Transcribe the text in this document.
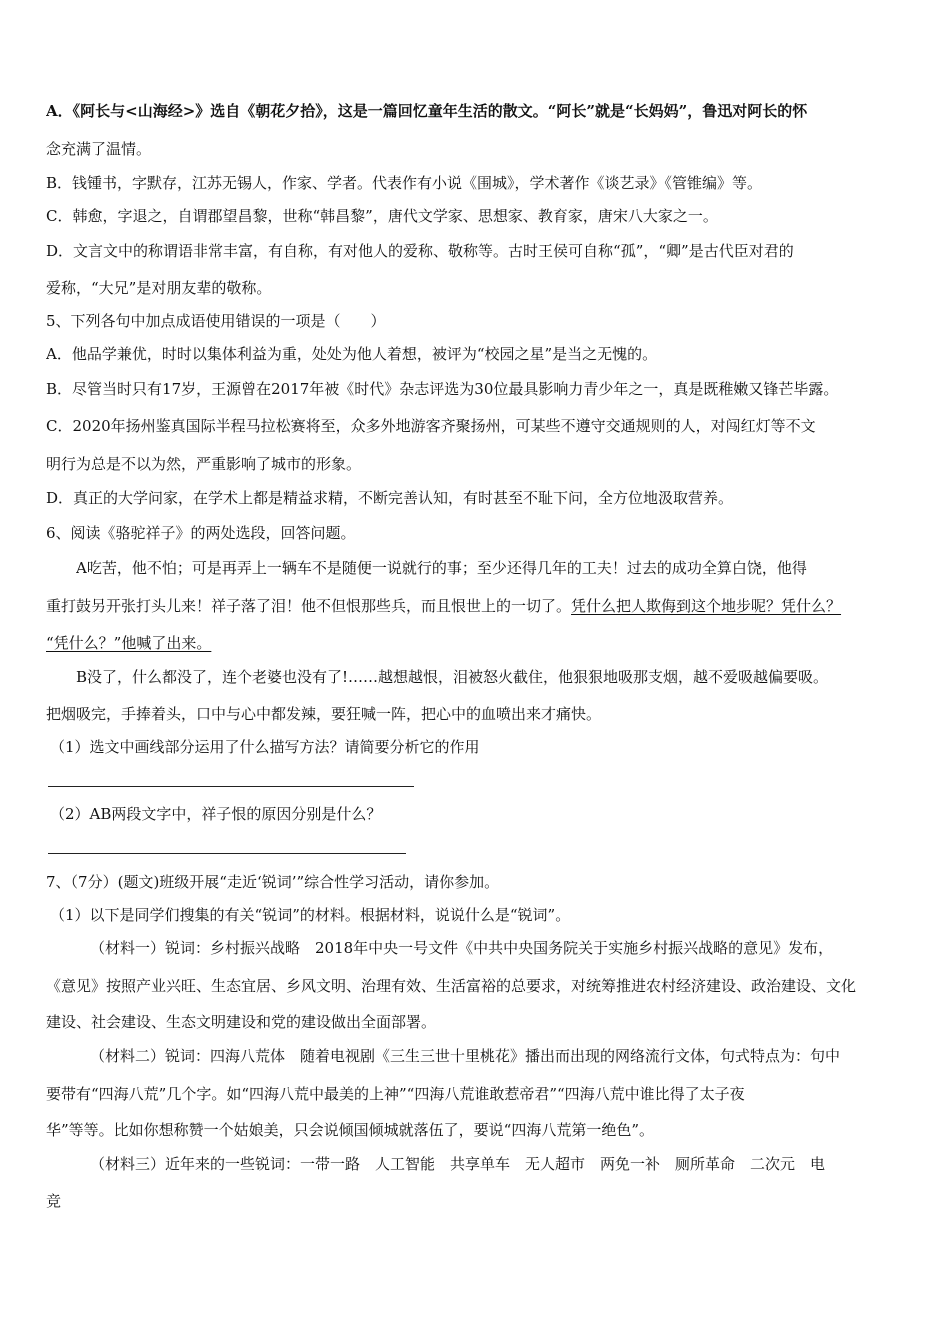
A．《阿长与<山海经>》选自《朝花夕拾》，这是一篇回忆童年生活的散文。“阿长”就是“长妈妈”，鲁迅对阿长的怀
念充满了温情。
B．钱锺书，字默存，江苏无锡人，作家、学者。代表作有小说《围城》，学术著作《谈艺录》《管锥编》等。
C．韩愈，字退之，自谓郡望昌黎，世称“韩昌黎”，唐代文学家、思想家、教育家，唐宋八大家之一。
D．文言文中的称谓语非常丰富，有自称，有对他人的爱称、敬称等。古时王侯可自称“孤”，“卿”是古代臣对君的
爱称，“大兄”是对朋友辈的敬称。
5、下列各句中加点成语使用错误的一项是（　　）
A．他品学兼优，时时以集体利益为重，处处为他人着想，被评为“校园之星”是当之无愧的。
B．尽管当时只有17岁，王源曾在2017年被《时代》杂志评选为30位最具影响力青少年之一，真是既稚嫩又锋芒毕露。
C．2020年扬州鉴真国际半程马拉松赛将至，众多外地游客齐聚扬州，可某些不遵守交通规则的人，对闯红灯等不文
明行为总是不以为然，严重影响了城市的形象。
D．真正的大学问家，在学术上都是精益求精，不断完善认知，有时甚至不耻下问，全方位地汲取营养。
6、阅读《骆驼祥子》的两处选段，回答问题。
A吃苦，他不怕；可是再弄上一辆车不是随便一说就行的事；至少还得几年的工夫！过去的成功全算白饶，他得
重打鼓另开张打头儿来！祥子落了泪！他不但恨那些兵，而且恨世上的一切了。凭什么把人欺侮到这个地步呢？凭什么？
“凭什么？”他喊了出来。
B没了，什么都没了，连个老婆也没有了!……越想越恨，泪被怒火截住，他狠狠地吸那支烟，越不爱吸越偏要吸。
把烟吸完，手捧着头，口中与心中都发辣，要狂喊一阵，把心中的血喷出来才痛快。
（1）选文中画线部分运用了什么描写方法？请简要分析它的作用
（2）AB两段文字中，祥子恨的原因分别是什么？
7、（7分）(题文)班级开展“走近‘锐词’”综合性学习活动，请你参加。
（1）以下是同学们搜集的有关“锐词”的材料。根据材料，说说什么是“锐词”。
（材料一）锐词：乡村振兴战略　2018年中央一号文件《中共中央国务院关于实施乡村振兴战略的意见》发布，
《意见》按照产业兴旺、生态宜居、乡风文明、治理有效、生活富裕的总要求，对统筹推进农村经济建设、政治建设、文化
建设、社会建设、生态文明建设和党的建设做出全面部署。
（材料二）锐词：四海八荒体　随着电视剧《三生三世十里桃花》播出而出现的网络流行文体，句式特点为：句中
要带有“四海八荒”几个字。如“四海八荒中最美的上神”“四海八荒谁敢惹帝君”“四海八荒中谁比得了太子夜
华”等等。比如你想称赞一个姑娘美，只会说倾国倾城就落伍了，要说“四海八荒第一绝色”。
（材料三）近年来的一些锐词：一带一路　人工智能　共享单车　无人超市　两免一补　厕所革命　二次元　电
竞
